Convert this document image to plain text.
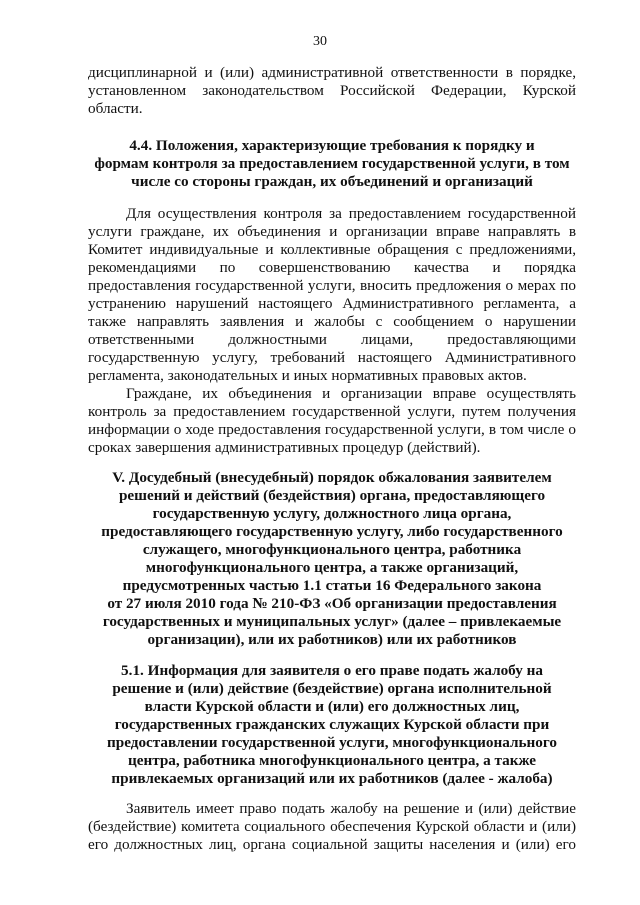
30
дисциплинарной и (или) административной ответственности в порядке,
установленном законодательством Российской Федерации, Курской
области.
4.4. Положения, характеризующие требования к порядку и
формам контроля за предоставлением государственной услуги, в том
числе со стороны граждан, их объединений и организаций
Для осуществления контроля за предоставлением государственной
услуги граждане, их объединения и организации вправе направлять в
Комитет индивидуальные и коллективные обращения с предложениями,
рекомендациями по совершенствованию качества и порядка
предоставления государственной услуги, вносить предложения о мерах по
устранению нарушений настоящего Административного регламента, а
также направлять заявления и жалобы с сообщением о нарушении
ответственными должностными лицами, предоставляющими
государственную услугу, требований настоящего Административного
регламента, законодательных и иных нормативных правовых актов.
Граждане, их объединения и организации вправе осуществлять
контроль за предоставлением государственной услуги, путем получения
информации о ходе предоставления государственной услуги, в том числе о
сроках завершения административных процедур (действий).
V. Досудебный (внесудебный) порядок обжалования заявителем
решений и действий (бездействия) органа, предоставляющего
государственную услугу, должностного лица органа,
предоставляющего государственную услугу, либо государственного
служащего, многофункционального центра, работника
многофункционального центра, а также организаций,
предусмотренных частью 1.1 статьи 16 Федерального закона
от 27 июля 2010 года № 210-ФЗ «Об организации предоставления
государственных и муниципальных услуг» (далее – привлекаемые
организации), или их работников) или их работников
5.1. Информация для заявителя о его праве подать жалобу на
решение и (или) действие (бездействие) органа исполнительной
власти Курской области и (или) его должностных лиц,
государственных гражданских служащих Курской области при
предоставлении государственной услуги, многофункционального
центра, работника многофункционального центра, а также
привлекаемых организаций или их работников (далее - жалоба)
Заявитель имеет право подать жалобу на решение и (или) действие
(бездействие) комитета социального обеспечения Курской области и (или)
его должностных лиц, органа социальной защиты населения и (или) его
